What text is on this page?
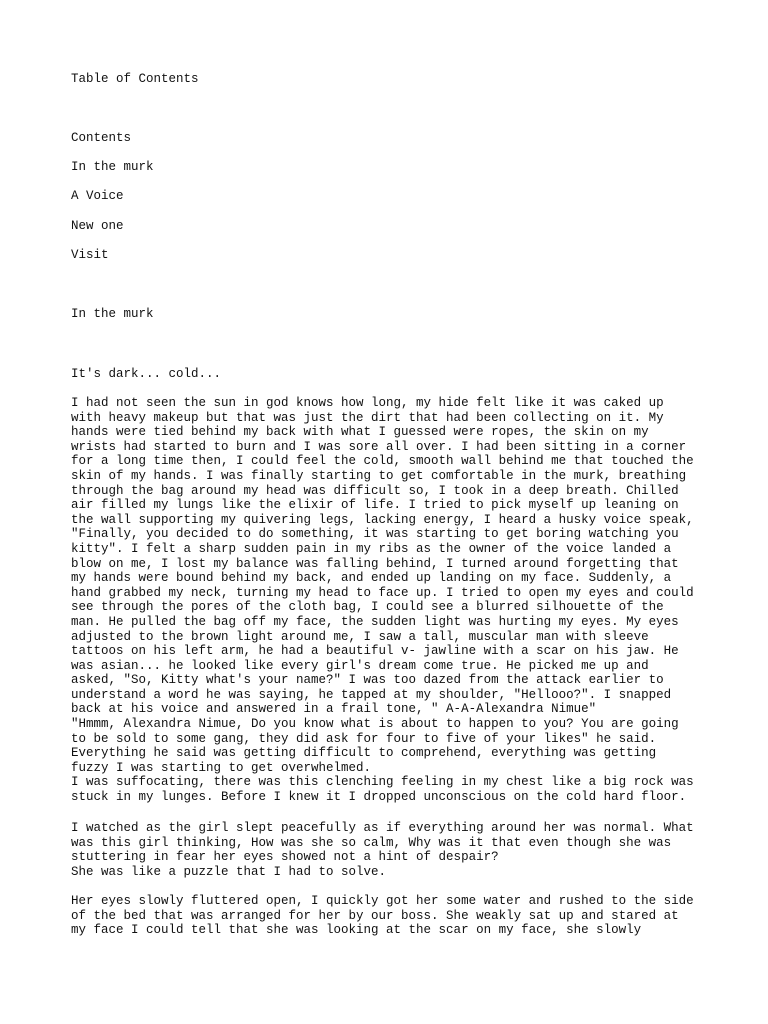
Table of Contents
Contents
In the murk
A Voice
New one
Visit
In the murk
It's dark... cold...
I had not seen the sun in god knows how long, my hide felt like it was caked up
with heavy makeup but that was just the dirt that had been collecting on it. My
hands were tied behind my back with what I guessed were ropes, the skin on my
wrists had started to burn and I was sore all over. I had been sitting in a corner
for a long time then, I could feel the cold, smooth wall behind me that touched the
skin of my hands. I was finally starting to get comfortable in the murk, breathing
through the bag around my head was difficult so, I took in a deep breath. Chilled
air filled my lungs like the elixir of life. I tried to pick myself up leaning on
the wall supporting my quivering legs, lacking energy, I heard a husky voice speak,
"Finally, you decided to do something, it was starting to get boring watching you
kitty". I felt a sharp sudden pain in my ribs as the owner of the voice landed a
blow on me, I lost my balance was falling behind, I turned around forgetting that
my hands were bound behind my back, and ended up landing on my face. Suddenly, a
hand grabbed my neck, turning my head to face up. I tried to open my eyes and could
see through the pores of the cloth bag, I could see a blurred silhouette of the
man. He pulled the bag off my face, the sudden light was hurting my eyes. My eyes
adjusted to the brown light around me, I saw a tall, muscular man with sleeve
tattoos on his left arm, he had a beautiful v- jawline with a scar on his jaw. He
was asian... he looked like every girl's dream come true. He picked me up and
asked, "So, Kitty what's your name?" I was too dazed from the attack earlier to
understand a word he was saying, he tapped at my shoulder, "Hellooo?". I snapped
back at his voice and answered in a frail tone, " A-A-Alexandra Nimue"
"Hmmm, Alexandra Nimue, Do you know what is about to happen to you? You are going
to be sold to some gang, they did ask for four to five of your likes" he said.
Everything he said was getting difficult to comprehend, everything was getting
fuzzy I was starting to get overwhelmed.
I was suffocating, there was this clenching feeling in my chest like a big rock was
stuck in my lunges. Before I knew it I dropped unconscious on the cold hard floor.
I watched as the girl slept peacefully as if everything around her was normal. What
was this girl thinking, How was she so calm, Why was it that even though she was
stuttering in fear her eyes showed not a hint of despair?
She was like a puzzle that I had to solve.
Her eyes slowly fluttered open, I quickly got her some water and rushed to the side
of the bed that was arranged for her by our boss. She weakly sat up and stared at
my face I could tell that she was looking at the scar on my face, she slowly
